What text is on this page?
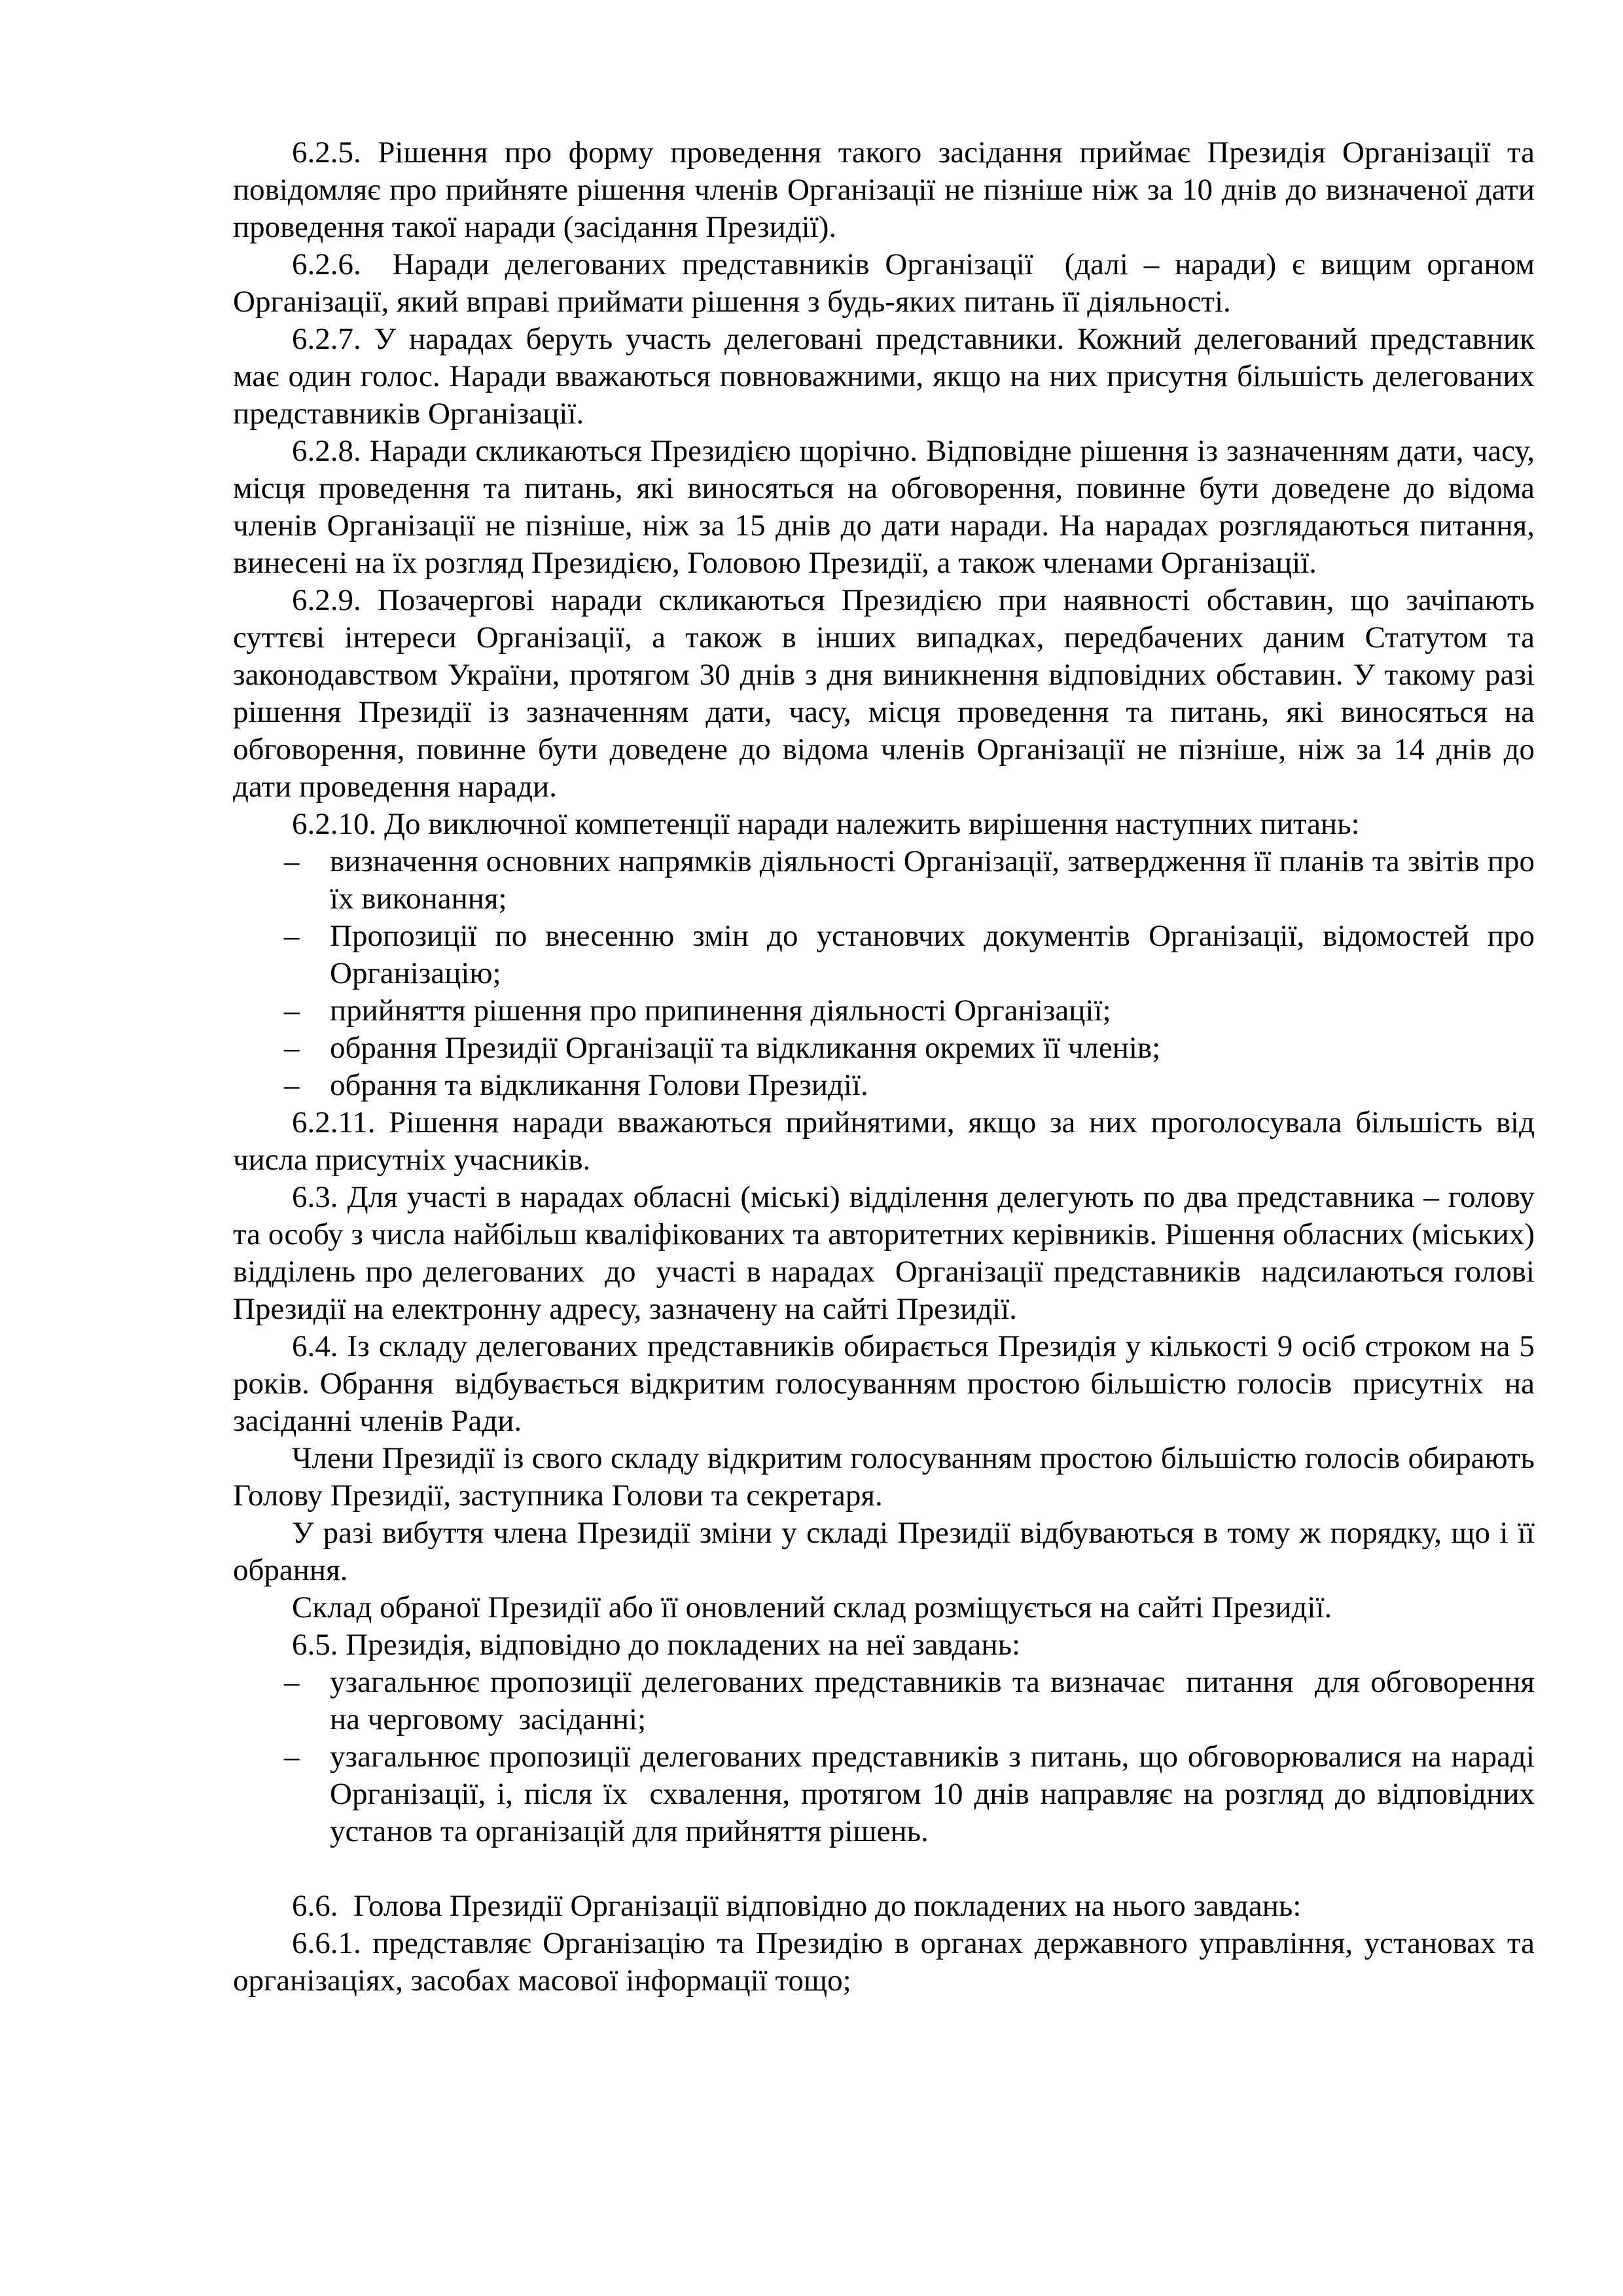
6.2.5. Рішення про форму проведення такого засідання приймає Президія Організації та повідомляє про прийняте рішення членів Організації не пізніше ніж за 10 днів до визначеної дати проведення такої наради (засідання Президії).

6.2.6.  Наради делегованих представників Організації  (далі – наради) є вищим органом Організації, який вправі приймати рішення з будь-яких питань її діяльності.

6.2.7. У нарадах беруть участь делеговані представники. Кожний делегований представник має один голос. Наради вважаються повноважними, якщо на них присутня більшість делегованих представників Організації.

6.2.8. Наради скликаються Президією щорічно. Відповідне рішення із зазначенням дати, часу, місця проведення та питань, які виносяться на обговорення, повинне бути доведене до відома членів Організації не пізніше, ніж за 15 днів до дати наради. На нарадах розглядаються питання, винесені на їх розгляд Президією, Головою Президії, а також членами Організації.

6.2.9. Позачергові наради скликаються Президією при наявності обставин, що зачіпають суттєві інтереси Організації, а також в інших випадках, передбачених даним Статутом та законодавством України, протягом 30 днів з дня виникнення відповідних обставин. У такому разі рішення Президії із зазначенням дати, часу, місця проведення та питань, які виносяться на обговорення, повинне бути доведене до відома членів Організації не пізніше, ніж за 14 днів до дати проведення наради.

6.2.10. До виключної компетенції наради належить вирішення наступних питань:

– визначення основних напрямків діяльності Організації, затвердження її планів та звітів про їх виконання;
– Пропозиції по внесенню змін до установчих документів Організації, відомостей про Організацію;
– прийняття рішення про припинення діяльності Організації;
– обрання Президії Організації та відкликання окремих її членів;
– обрання та відкликання Голови Президії.

6.2.11. Рішення наради вважаються прийнятими, якщо за них проголосувала більшість від числа присутніх учасників.

6.3. Для участі в нарадах обласні (міські) відділення делегують по два представника – голову та особу з числа найбільш кваліфікованих та авторитетних керівників. Рішення обласних (міських) відділень про делегованих  до  участі в нарадах  Організації представників  надсилаються голові Президії на електронну адресу, зазначену на сайті Президії.

6.4. Із складу делегованих представників обирається Президія у кількості 9 осіб строком на 5 років. Обрання  відбувається відкритим голосуванням простою більшістю голосів  присутніх  на засіданні членів Ради.

Члени Президії із свого складу відкритим голосуванням простою більшістю голосів обирають Голову Президії, заступника Голови та секретаря.

У разі вибуття члена Президії зміни у складі Президії відбуваються в тому ж порядку, що і її обрання.

Склад обраної Президії або її оновлений склад розміщується на сайті Президії.

6.5. Президія, відповідно до покладених на неї завдань:

– узагальнює пропозиції делегованих представників та визначає  питання  для обговорення  на черговому  засіданні;
– узагальнює пропозиції делегованих представників з питань, що обговорювалися на нараді Організації, і, після їх  схвалення, протягом 10 днів направляє на розгляд до відповідних установ та організацій для прийняття рішень.

6.6.  Голова Президії Організації відповідно до покладених на нього завдань:

6.6.1. представляє Організацію та Президію в органах державного управління, установах та організаціях, засобах масової інформації тощо;
